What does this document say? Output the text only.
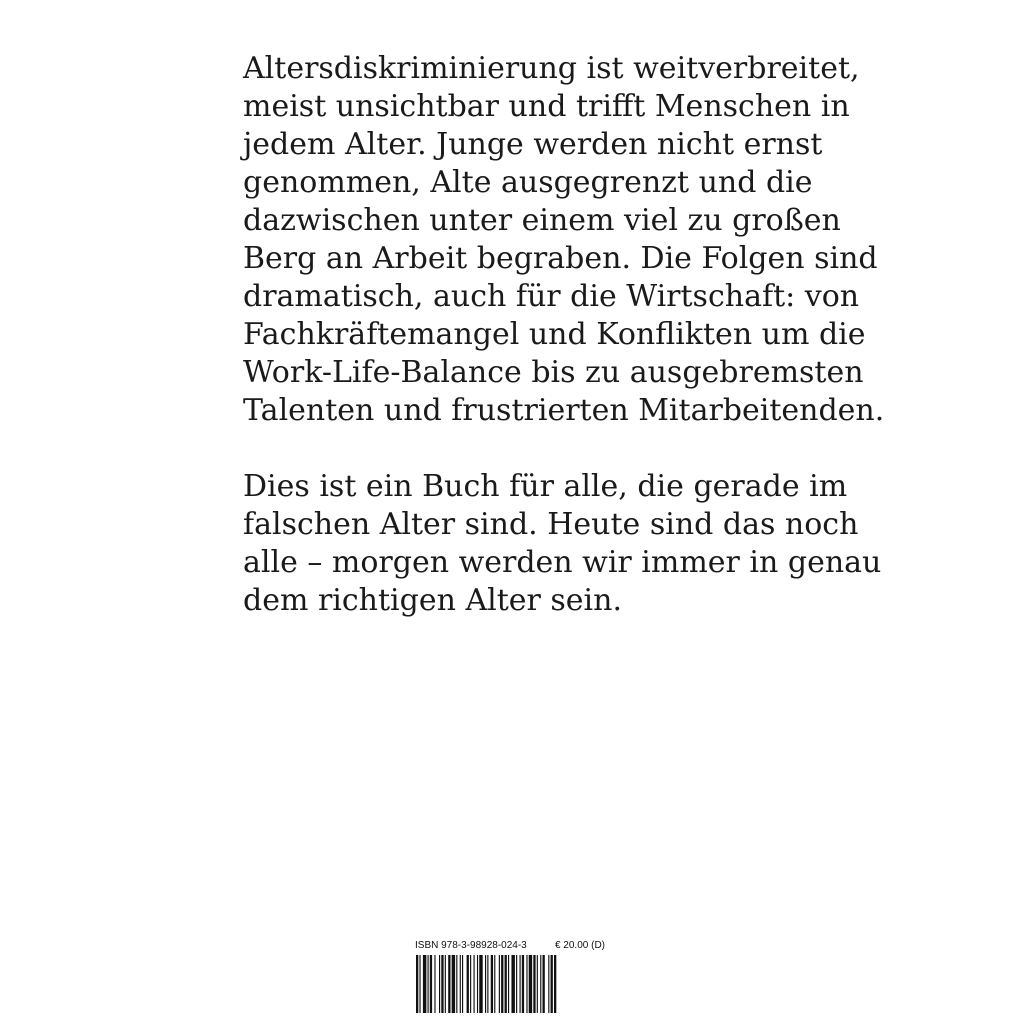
Altersdiskriminierung ist weitverbreitet,
meist unsichtbar und trifft Menschen in
jedem Alter. Junge werden nicht ernst
genommen, Alte ausgegrenzt und die
dazwischen unter einem viel zu großen
Berg an Arbeit begraben. Die Folgen sind
dramatisch, auch für die Wirtschaft: von
Fachkräftemangel und Konflikten um die
Work-Life-Balance bis zu ausgebremsten
Talenten und frustrierten Mitarbeitenden.
Dies ist ein Buch für alle, die gerade im
falschen Alter sind. Heute sind das noch
alle – morgen werden wir immer in genau
dem richtigen Alter sein.
ISBN 978-3-98928-024-3	€ 20.00 (D)
